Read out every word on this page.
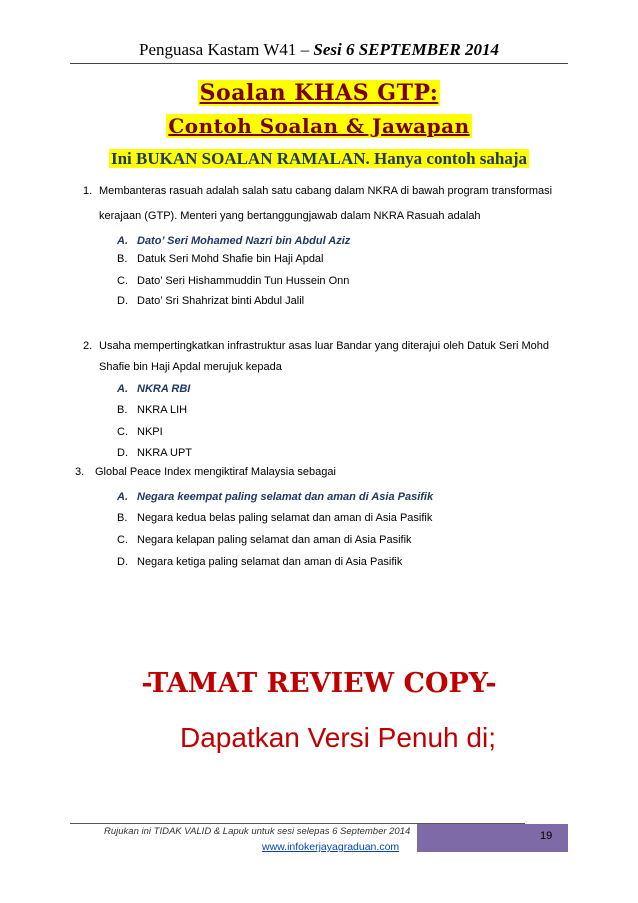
Penguasa Kastam W41 – Sesi 6 SEPTEMBER 2014
Soalan KHAS GTP:
Contoh Soalan & Jawapan
Ini BUKAN SOALAN RAMALAN. Hanya contoh sahaja
1. Membanteras rasuah adalah salah satu cabang dalam NKRA di bawah program transformasi
kerajaan (GTP). Menteri yang bertanggungjawab dalam NKRA Rasuah adalah
A. Dato’ Seri Mohamed Nazri bin Abdul Aziz
B. Datuk Seri Mohd Shafie bin Haji Apdal
C. Dato’ Seri Hishammuddin Tun Hussein Onn
D. Dato’ Sri Shahrizat binti Abdul Jalil
2. Usaha mempertingkatkan infrastruktur asas luar Bandar yang diterajui oleh Datuk Seri Mohd
Shafie bin Haji Apdal merujuk kepada
A. NKRA RBI
B. NKRA LIH
C. NKPI
D. NKRA UPT
3. Global Peace Index mengiktiraf Malaysia sebagai
A. Negara keempat paling selamat dan aman di Asia Pasifik
B. Negara kedua belas paling selamat dan aman di Asia Pasifik
C. Negara kelapan paling selamat dan aman di Asia Pasifik
D. Negara ketiga paling selamat dan aman di Asia Pasifik
-TAMAT REVIEW COPY-
Dapatkan Versi Penuh di;
Rujukan ini TIDAK VALID & Lapuk untuk sesi selepas 6 September 2014
www.infokerjayagraduan.com
19
